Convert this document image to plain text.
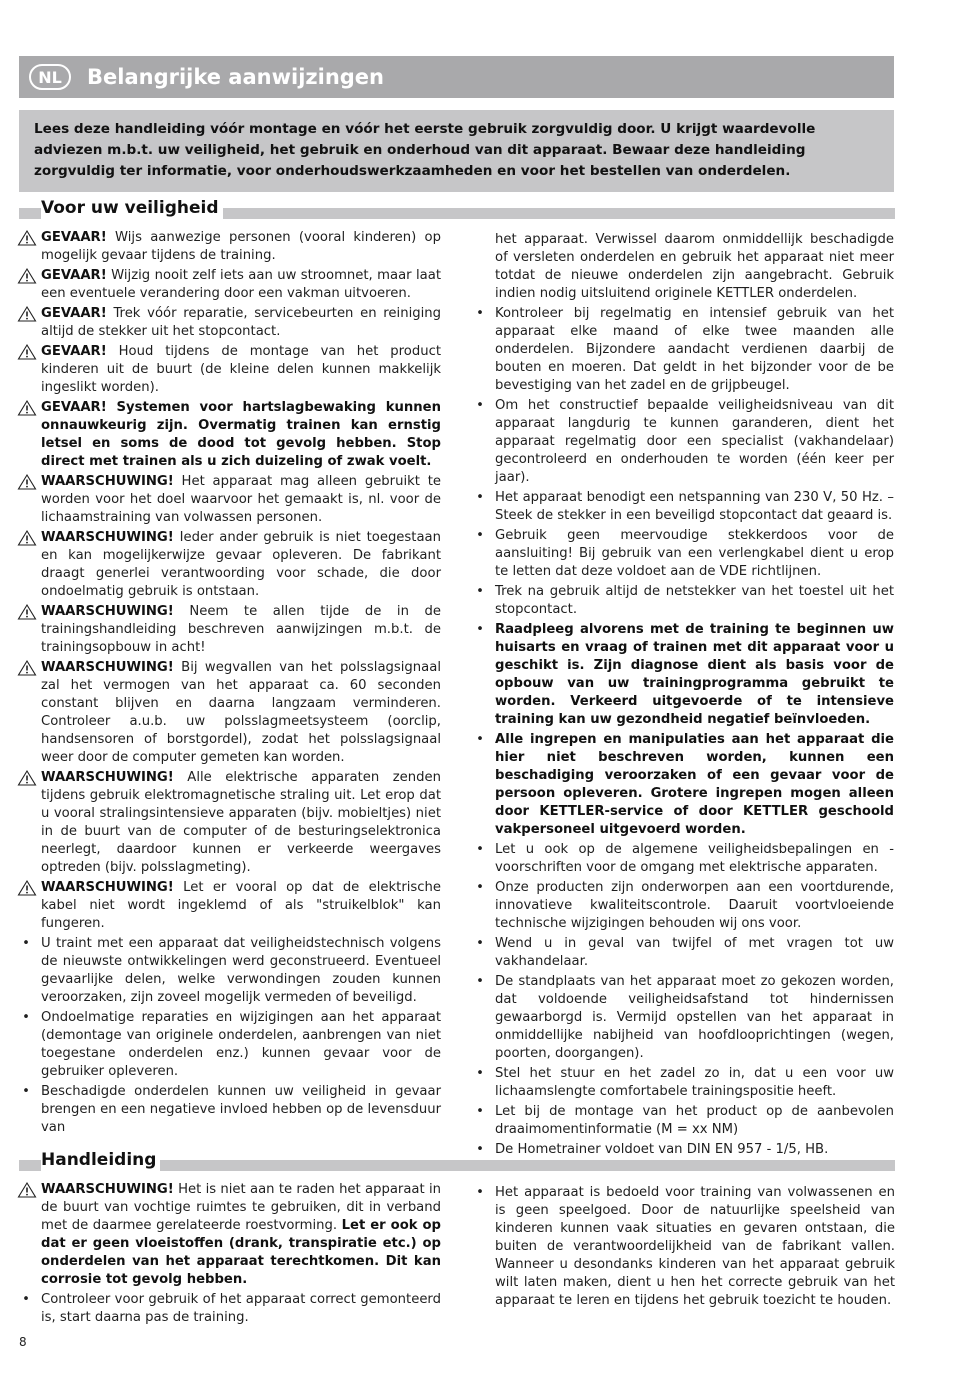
NL	Belangrijke aanwijzingen
Lees deze handleiding vóór montage en vóór het eerste gebruik zorgvuldig door. U krijgt waardevolle adviezen m.b.t. uw veiligheid, het gebruik en onderhoud van dit apparaat. Bewaar deze handleiding zorgvuldig ter informatie, voor onderhoudswerkzaamheden en voor het bestellen van onderdelen.
Voor uw veiligheid
GEVAAR! Wijs aanwezige personen (vooral kinderen) op mogelijk gevaar tijdens de training.
GEVAAR! Wijzig nooit zelf iets aan uw stroomnet, maar laat een eventuele verandering door een vakman uitvoeren.
GEVAAR! Trek vóór reparatie, servicebeurten en reiniging altijd de stekker uit het stopcontact.
GEVAAR! Houd tijdens de montage van het product kinderen uit de buurt (de kleine delen kunnen makkelijk ingeslikt worden).
GEVAAR! Systemen voor hartslagbewaking kunnen onnauwkeurig zijn. Overmatig trainen kan ernstig letsel en soms de dood tot gevolg hebben. Stop direct met trainen als u zich duizeling of zwak voelt.
WAARSCHUWING! Het apparaat mag alleen gebruikt te worden voor het doel waarvoor het gemaakt is, nl. voor de lichaamstraining van volwassen personen.
WAARSCHUWING! Ieder ander gebruik is niet toegestaan en kan mogelijkerwijze gevaar opleveren. De fabrikant draagt generlei verantwoording voor schade, die door ondoelmatig gebruik is ontstaan.
WAARSCHUWING! Neem te allen tijde de in de trainingshandleiding beschreven aanwijzingen m.b.t. de trainingsopbouw in acht!
WAARSCHUWING! Bij wegvallen van het polsslagsignaal zal het vermogen van het apparaat ca. 60 seconden constant blijven en daarna langzaam verminderen. Controleer a.u.b. uw polsslagmeetsysteem (oorclip, handsensoren of borstgordel), zodat het polsslagsignaal weer door de computer gemeten kan worden.
WAARSCHUWING! Alle elektrische apparaten zenden tijdens gebruik elektromagnetische straling uit. Let erop dat u vooral stralingsintensieve apparaten (bijv. mobieltjes) niet in de buurt van de computer of de besturingselektronica neerlegt, daardoor kunnen er verkeerde weergaves optreden (bijv. polsslagmeting).
WAARSCHUWING! Let er vooral op dat de elektrische kabel niet wordt ingeklemd of als "struikelblok" kan fungeren.
• U traint met een apparaat dat veiligheidstechnisch volgens de nieuwste ontwikkelingen werd geconstrueerd. Eventueel gevaarlijke delen, welke verwondingen zouden kunnen veroorzaken, zijn zoveel mogelijk vermeden of beveiligd.
• Ondoelmatige reparaties en wijzigingen aan het apparaat (demontage van originele onderdelen, aanbrengen van niet toegestane onderdelen enz.) kunnen gevaar voor de gebruiker opleveren.
• Beschadigde onderdelen kunnen uw veiligheid in gevaar brengen en een negatieve invloed hebben op de levensduur van
het apparaat. Verwissel daarom onmiddellijk beschadigde of versleten onderdelen en gebruik het apparaat niet meer totdat de nieuwe onderdelen zijn aangebracht. Gebruik indien nodig uitsluitend originele KETTLER onderdelen.
• Kontroleer bij regelmatig en intensief gebruik van het apparaat elke maand of elke twee maanden alle onderdelen. Bijzondere aandacht verdienen daarbij de bouten en moeren. Dat geldt in het bijzonder voor de be bevestiging van het zadel en de grijpbeugel.
• Om het constructief bepaalde veiligheidsniveau van dit apparaat langdurig te kunnen garanderen, dient het apparaat regelmatig door een specialist (vakhandelaar) gecontroleerd en onderhouden te worden (één keer per jaar).
• Het apparaat benodigt een netspanning van 230 V, 50 Hz. – Steek de stekker in een beveiligd stopcontact dat geaard is.
• Gebruik geen meervoudige stekkerdoos voor de aansluiting! Bij gebruik van een verlengkabel dient u erop te letten dat deze voldoet aan de VDE richtlijnen.
• Trek na gebruik altijd de netstekker van het toestel uit het stopcontact.
• Raadpleeg alvorens met de training te beginnen uw huisarts en vraag of trainen met dit apparaat voor u geschikt is. Zijn diagnose dient als basis voor de opbouw van uw trainingprogramma gebruikt te worden. Verkeerd uitgevoerde of te intensieve training kan uw gezondheid negatief beïnvloeden.
• Alle ingrepen en manipulaties aan het apparaat die hier niet beschreven worden, kunnen een beschadiging veroorzaken of een gevaar voor de persoon opleveren. Grotere ingrepen mogen alleen door KETTLER-service of door KETTLER geschoold vakpersoneel uitgevoerd worden.
• Let u ook op de algemene veiligheidsbepalingen en -voorschriften voor de omgang met elektrische apparaten.
• Onze producten zijn onderworpen aan een voortdurende, innovatieve kwaliteitscontrole. Daaruit voortvloeiende technische wijzigingen behouden wij ons voor.
• Wend u in geval van twijfel of met vragen tot uw vakhandelaar.
• De standplaats van het apparaat moet zo gekozen worden, dat voldoende veiligheidsafstand tot hindernissen gewaarborgd is. Vermijd opstellen van het apparaat in onmiddellijke nabijheid van hoofdlooprichtingen (wegen, poorten, doorgangen).
• Stel het stuur en het zadel zo in, dat u een voor uw lichaamslengte comfortabele trainingspositie heeft.
• Let bij de montage van het product op de aanbevolen draaimomentinformatie (M = xx NM)
• De Hometrainer voldoet van DIN EN 957 - 1/5, HB.
Handleiding
WAARSCHUWING! Het is niet aan te raden het apparaat in de buurt van vochtige ruimtes te gebruiken, dit in verband met de daarmee gerelateerde roestvorming. Let er ook op dat er geen vloeistoffen (drank, transpiratie etc.) op onderdelen van het apparaat terechtkomen. Dit kan corrosie tot gevolg hebben.
• Controleer voor gebruik of het apparaat correct gemonteerd is, start daarna pas de training.
• Het apparaat is bedoeld voor training van volwassenen en is geen speelgoed. Door de natuurlijke speelsheid van kinderen kunnen vaak situaties en gevaren ontstaan, die buiten de verantwoordelijkheid van de fabrikant vallen. Wanneer u desondanks kinderen van het apparaat gebruik wilt laten maken, dient u hen het correcte gebruik van het apparaat te leren en tijdens het gebruik toezicht te houden.
8
